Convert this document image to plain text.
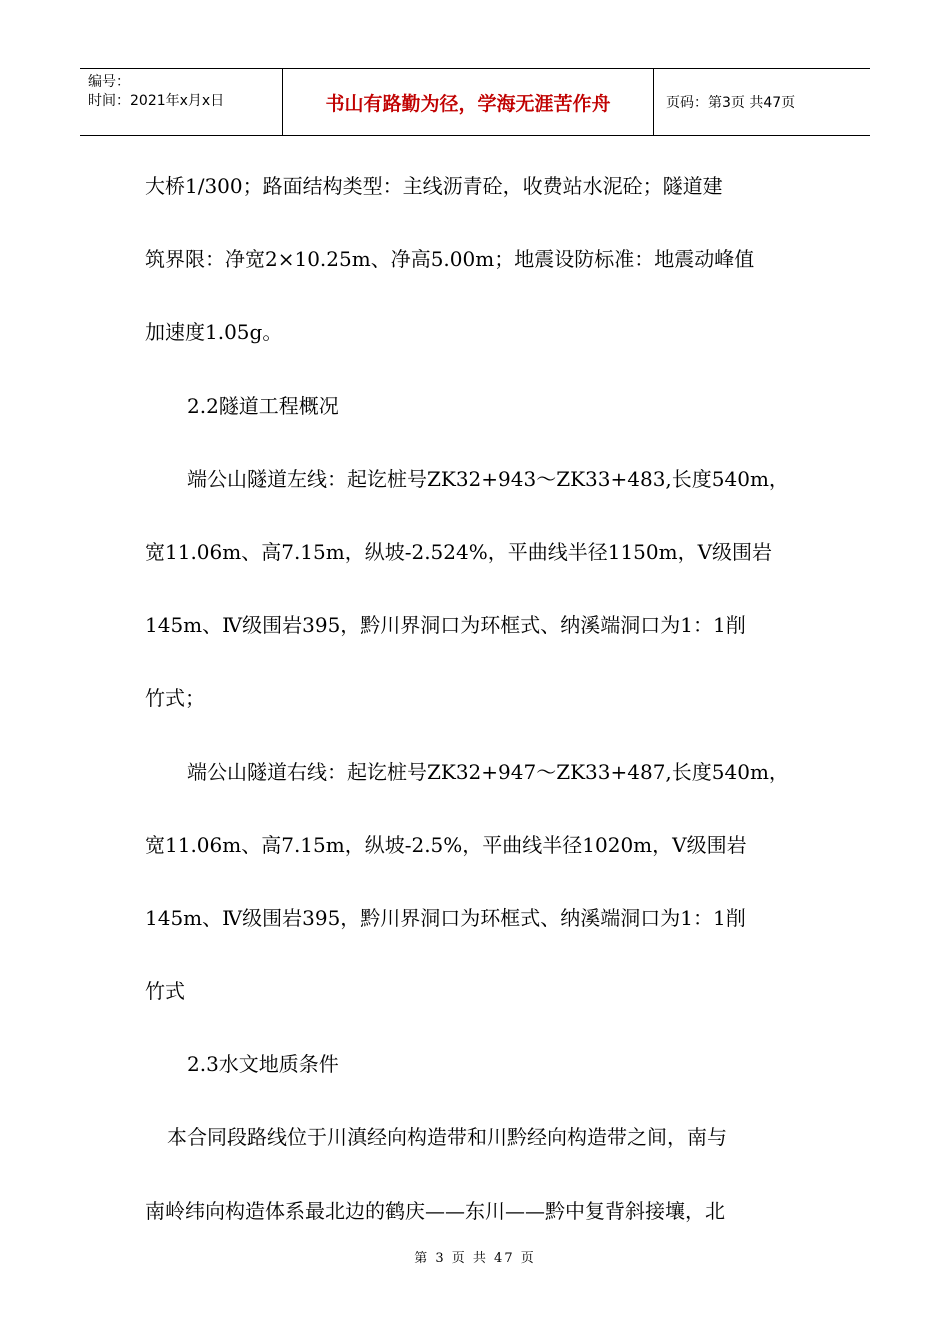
编号：
时间：2021年x月x日	书山有路勤为径，学海无涯苦作舟	页码：第3页 共47页
大桥1/300；路面结构类型：主线沥青砼，收费站水泥砼；隧道建
筑界限：净宽2×10.25m、净高5.00m；地震设防标准：地震动峰值
加速度1.05g。
2.2隧道工程概况
端公山隧道左线：起讫桩号ZK32+943～ZK33+483,长度540m，
宽11.06m、高7.15m，纵坡-2.524%，平曲线半径1150m，Ⅴ级围岩
145m、Ⅳ级围岩395，黔川界洞口为环框式、纳溪端洞口为1：1削
竹式；
端公山隧道右线：起讫桩号ZK32+947～ZK33+487,长度540m，
宽11.06m、高7.15m，纵坡-2.5%，平曲线半径1020m，Ⅴ级围岩
145m、Ⅳ级围岩395，黔川界洞口为环框式、纳溪端洞口为1：1削
竹式
2.3水文地质条件
本合同段路线位于川滇经向构造带和川黔经向构造带之间，南与
南岭纬向构造体系最北边的鹤庆——东川——黔中复背斜接壤，北
第 3 页 共 47 页
